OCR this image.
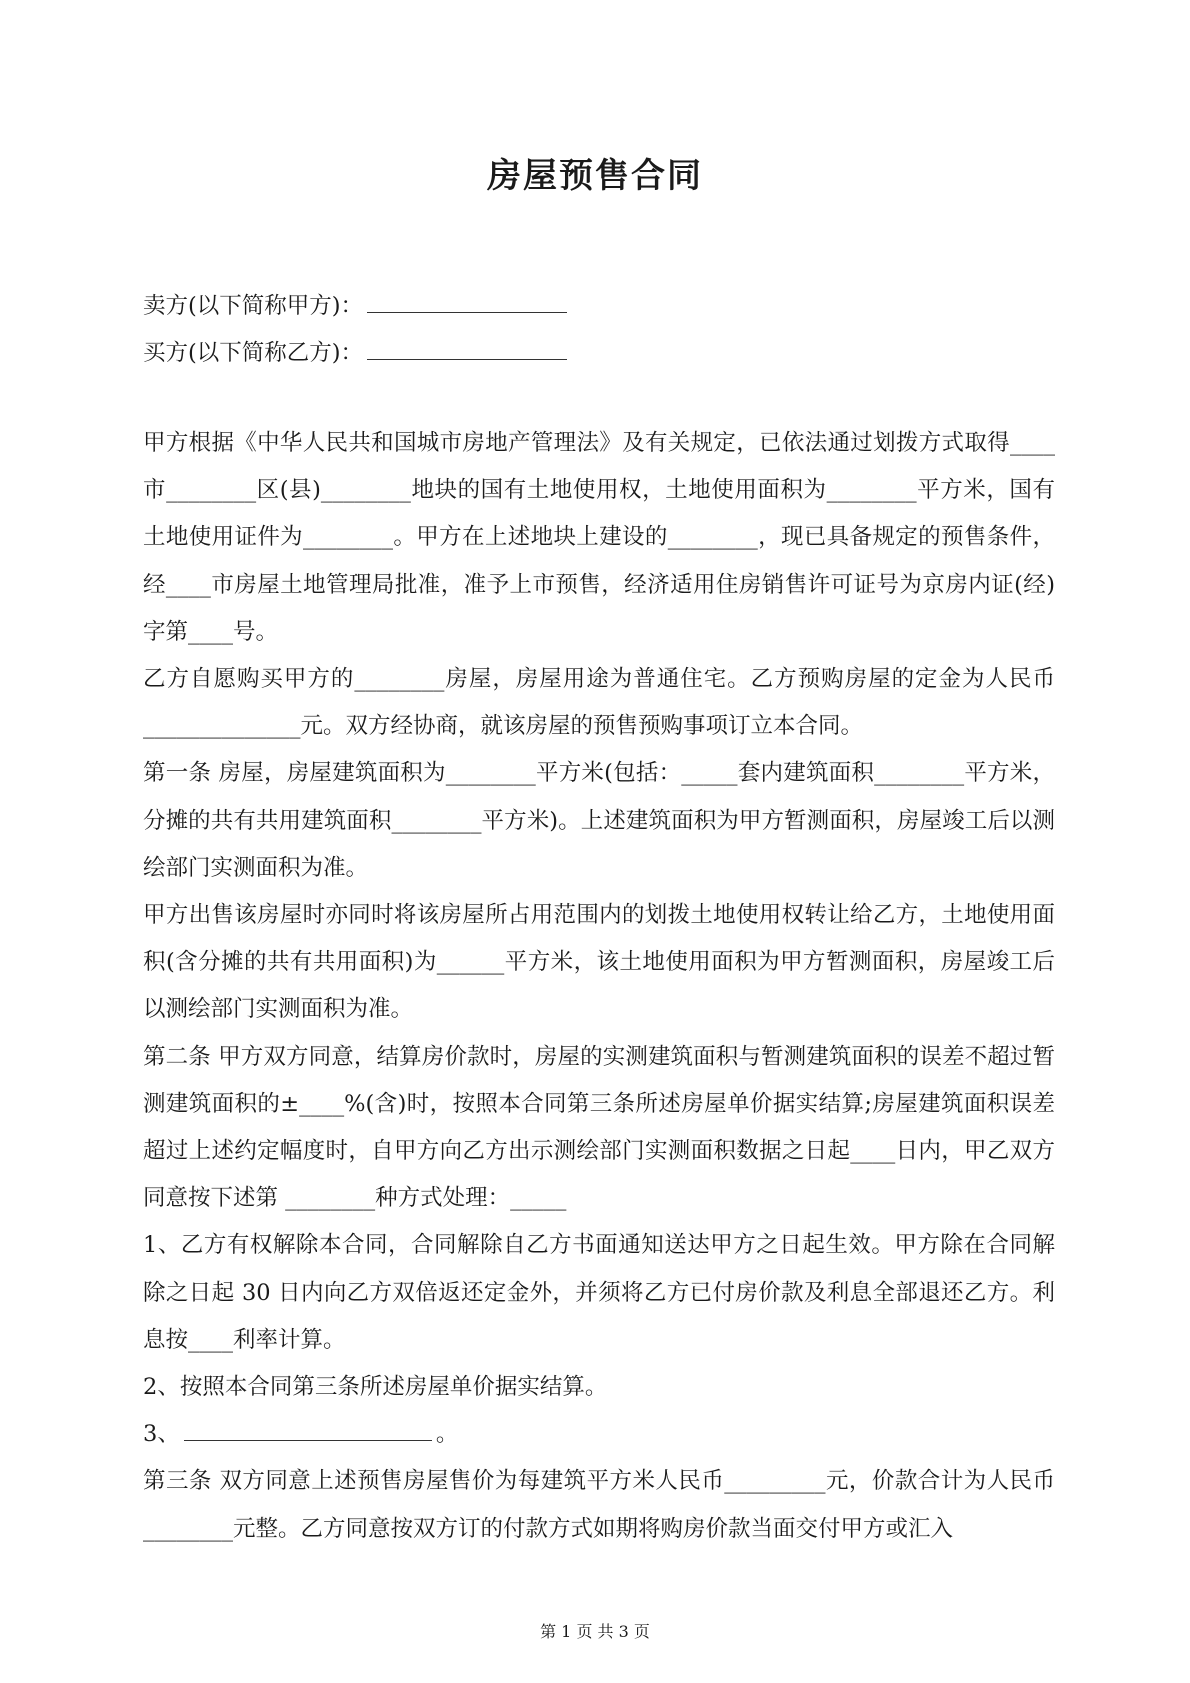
房屋预售合同
卖方(以下简称甲方)：
买方(以下简称乙方)：

甲方根据《中华人民共和国城市房地产管理法》及有关规定，已依法通过划拨方式取得____市________区(县)________地块的国有土地使用权，土地使用面积为________平方米，国有土地使用证件为________。甲方在上述地块上建设的________，现已具备规定的预售条件，经____市房屋土地管理局批准，准予上市预售，经济适用住房销售许可证号为京房内证(经)字第____号。

乙方自愿购买甲方的________房屋，房屋用途为普通住宅。乙方预购房屋的定金为人民币______________元。双方经协商，就该房屋的预售预购事项订立本合同。

第一条 房屋，房屋建筑面积为________平方米(包括：_____套内建筑面积________平方米，分摊的共有共用建筑面积________平方米)。上述建筑面积为甲方暂测面积，房屋竣工后以测绘部门实测面积为准。

甲方出售该房屋时亦同时将该房屋所占用范围内的划拨土地使用权转让给乙方，土地使用面积(含分摊的共有共用面积)为______平方米，该土地使用面积为甲方暂测面积，房屋竣工后以测绘部门实测面积为准。

第二条 甲方双方同意，结算房价款时，房屋的实测建筑面积与暂测建筑面积的误差不超过暂测建筑面积的±____%(含)时，按照本合同第三条所述房屋单价据实结算;房屋建筑面积误差超过上述约定幅度时，自甲方向乙方出示测绘部门实测面积数据之日起____日内，甲乙双方同意按下述第 ________种方式处理：_____

1、乙方有权解除本合同，合同解除自乙方书面通知送达甲方之日起生效。甲方除在合同解除之日起 30 日内向乙方双倍返还定金外，并须将乙方已付房价款及利息全部退还乙方。利息按____利率计算。

2、按照本合同第三条所述房屋单价据实结算。

3、	。

第三条 双方同意上述预售房屋售价为每建筑平方米人民币_________元，价款合计为人民币________元整。乙方同意按双方订的付款方式如期将购房价款当面交付甲方或汇入

第 1 页 共 3 页
